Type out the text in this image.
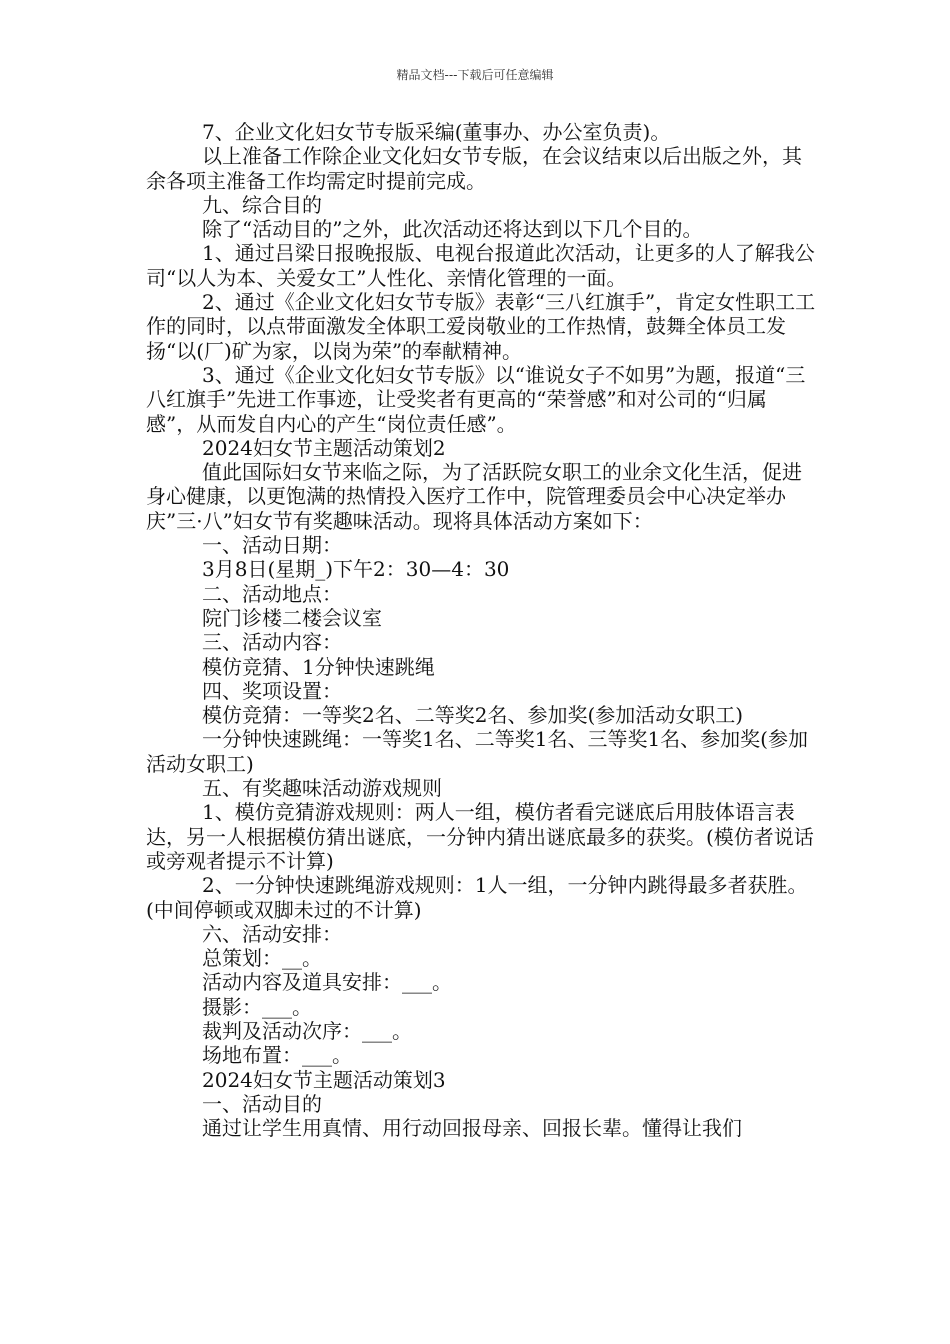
精品文档---下载后可任意编辑

7、企业文化妇女节专版采编(董事办、办公室负责)。

以上准备工作除企业文化妇女节专版，在会议结束以后出版之外，其余各项主准备工作均需定时提前完成。

九、综合目的

除了“活动目的”之外，此次活动还将达到以下几个目的。

1、通过吕梁日报晚报版、电视台报道此次活动，让更多的人了解我公司“以人为本、关爱女工”人性化、亲情化管理的一面。

2、通过《企业文化妇女节专版》表彰“三八红旗手”，肯定女性职工工作的同时，以点带面激发全体职工爱岗敬业的工作热情，鼓舞全体员工发扬“以(厂)矿为家，以岗为荣”的奉献精神。

3、通过《企业文化妇女节专版》以“谁说女子不如男”为题，报道“三八红旗手”先进工作事迹，让受奖者有更高的“荣誉感”和对公司的“归属感”，从而发自内心的产生“岗位责任感”。

2024妇女节主题活动策划2

值此国际妇女节来临之际，为了活跃院女职工的业余文化生活，促进身心健康，以更饱满的热情投入医疗工作中，院管理委员会中心决定举办庆”三·八”妇女节有奖趣味活动。现将具体活动方案如下：

一、活动日期：

3月8日(星期_)下午2：30—4：30

二、活动地点：

院门诊楼二楼会议室

三、活动内容：

模仿竞猜、1分钟快速跳绳

四、奖项设置：

模仿竞猜：一等奖2名、二等奖2名、参加奖(参加活动女职工)

一分钟快速跳绳：一等奖1名、二等奖1名、三等奖1名、参加奖(参加活动女职工)

五、有奖趣味活动游戏规则

1、模仿竞猜游戏规则：两人一组，模仿者看完谜底后用肢体语言表达，另一人根据模仿猜出谜底，一分钟内猜出谜底最多的获奖。(模仿者说话或旁观者提示不计算)

2、一分钟快速跳绳游戏规则：1人一组，一分钟内跳得最多者获胜。(中间停顿或双脚未过的不计算)

六、活动安排：

总策划：__。

活动内容及道具安排：___。

摄影：___。

裁判及活动次序：___。

场地布置：___。

2024妇女节主题活动策划3

一、活动目的

通过让学生用真情、用行动回报母亲、回报长辈。懂得让我们
